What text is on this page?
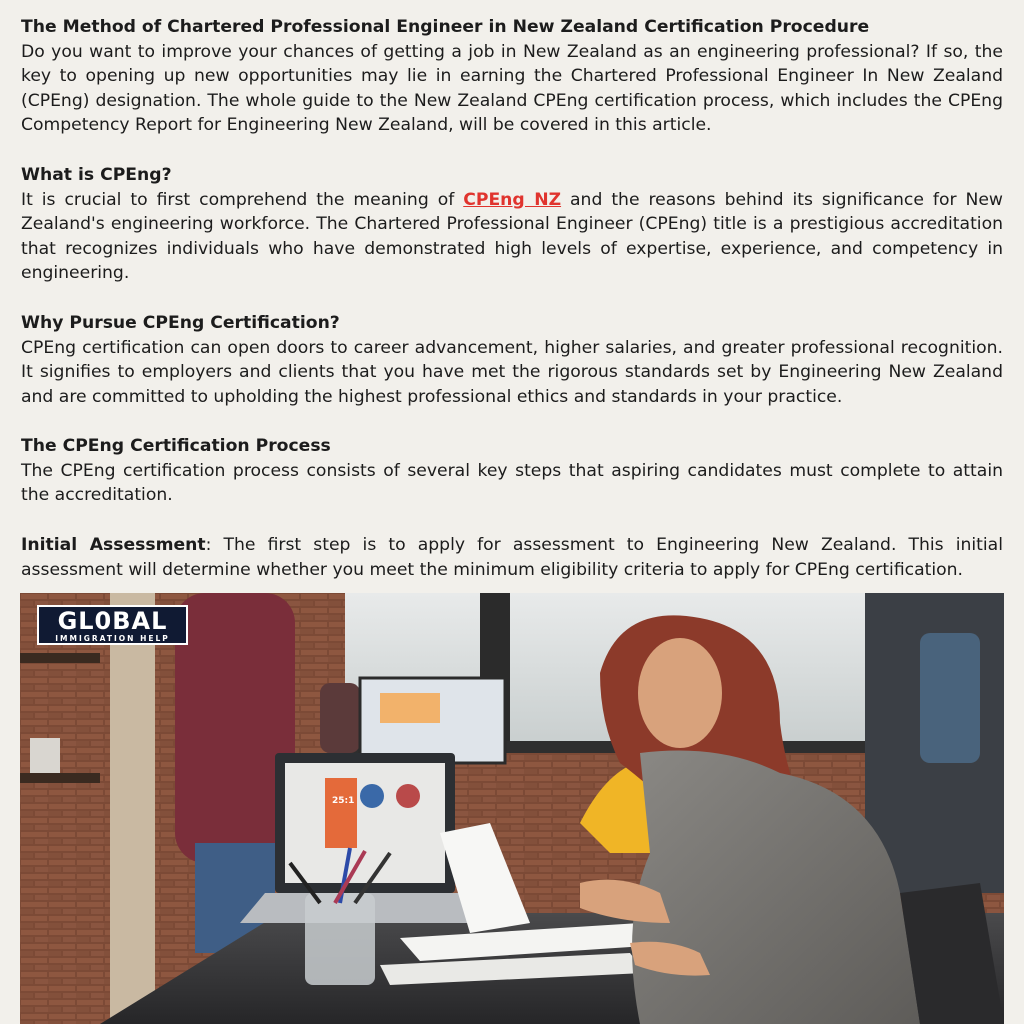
The Method of Chartered Professional Engineer in New Zealand Certification Procedure

Do you want to improve your chances of getting a job in New Zealand as an engineering professional? If so, the key to opening up new opportunities may lie in earning the Chartered Professional Engineer In New Zealand (CPEng) designation. The whole guide to the New Zealand CPEng certification process, which includes the CPEng Competency Report for Engineering New Zealand, will be covered in this article.

What is CPEng?

It is crucial to first comprehend the meaning of CPEng NZ and the reasons behind its significance for New Zealand's engineering workforce. The Chartered Professional Engineer (CPEng) title is a prestigious accreditation that recognizes individuals who have demonstrated high levels of expertise, experience, and competency in engineering.

Why Pursue CPEng Certification?

CPEng certification can open doors to career advancement, higher salaries, and greater professional recognition. It signifies to employers and clients that you have met the rigorous standards set by Engineering New Zealand and are committed to upholding the highest professional ethics and standards in your practice.

The CPEng Certification Process

The CPEng certification process consists of several key steps that aspiring candidates must complete to attain the accreditation.

Initial Assessment: The first step is to apply for assessment to Engineering New Zealand. This initial assessment will determine whether you meet the minimum eligibility criteria to apply for CPEng certification.

25:1
GL0BAL
IMMIGRATION HELP
